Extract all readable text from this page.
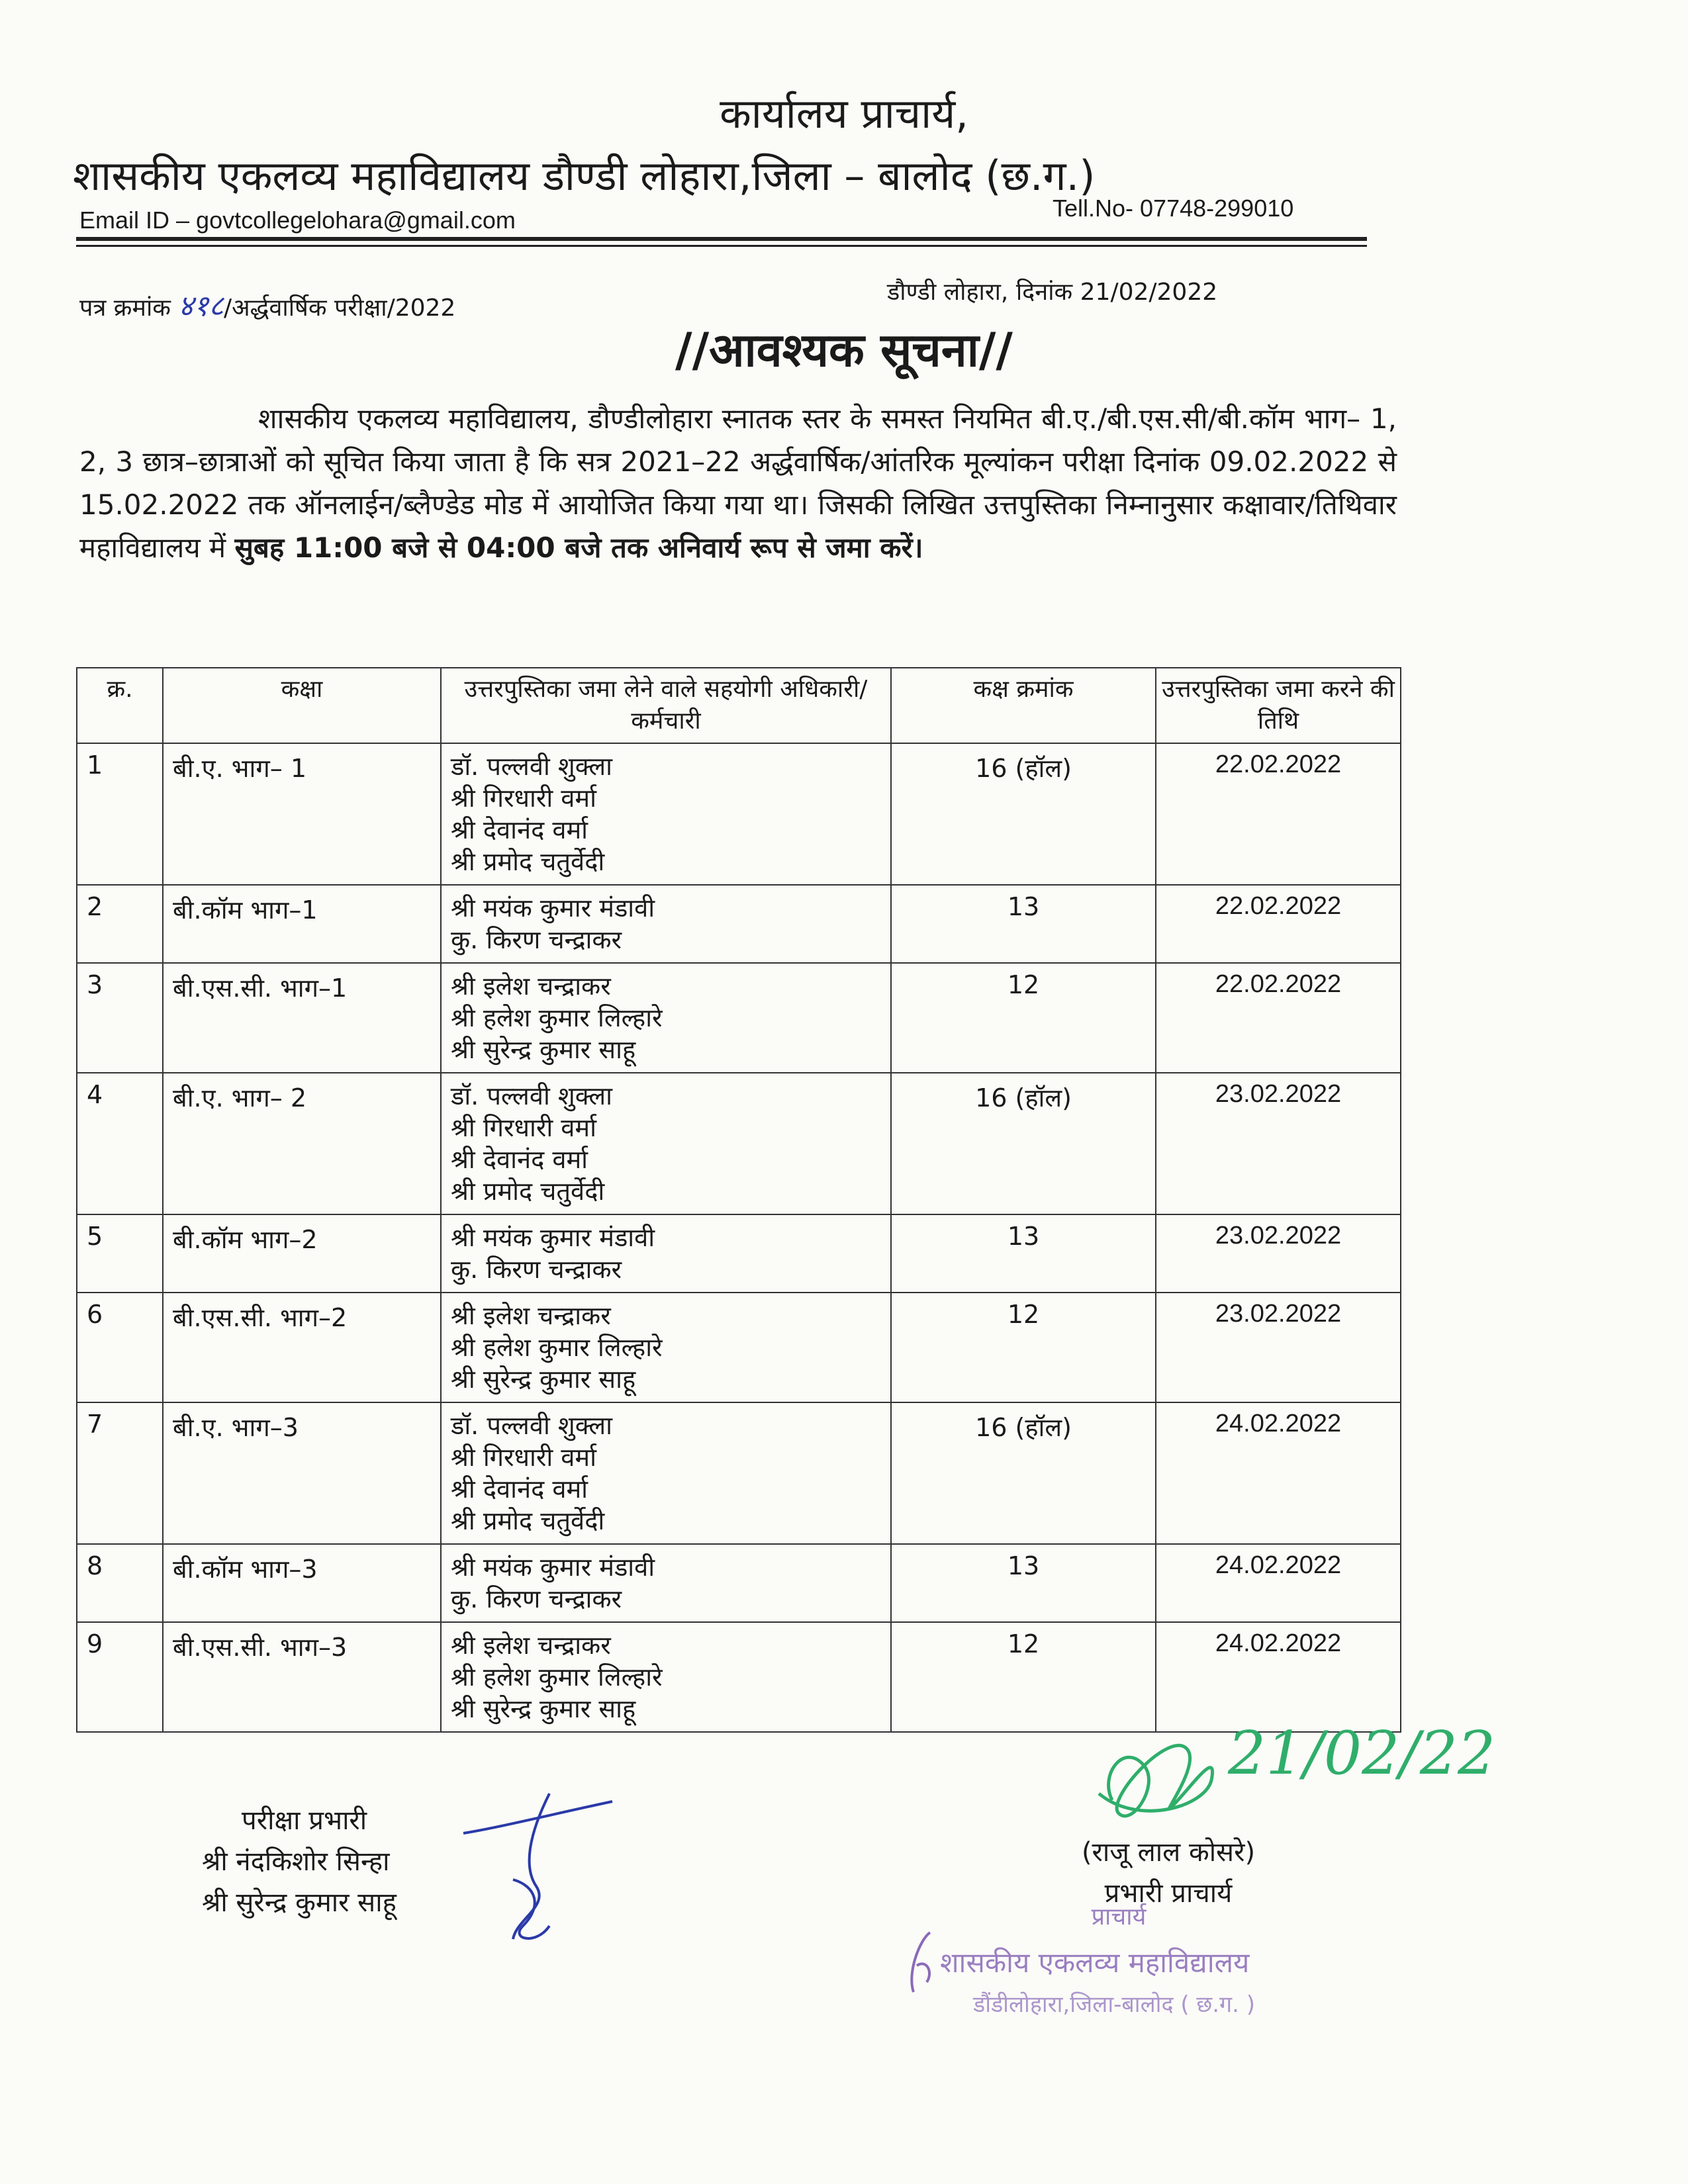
कार्यालय प्राचार्य,
शासकीय एकलव्य महाविद्यालय डौण्डी लोहारा,जिला – बालोद (छ.ग.)
Email ID – govtcollegelohara@gmail.com	Tell.No- 07748-299010
पत्र क्रमांक ४१८/अर्द्धवार्षिक परीक्षा/2022
डौण्डी लोहारा, दिनांक 21/02/2022
//आवश्यक सूचना//
शासकीय एकलव्य महाविद्यालय, डौण्डीलोहारा स्नातक स्तर के समस्त नियमित बी.ए./बी.एस.सी/बी.कॉम भाग– 1, 2, 3 छात्र–छात्राओं को सूचित किया जाता है कि सत्र 2021–22 अर्द्धवार्षिक/आंतरिक मूल्यांकन परीक्षा दिनांक 09.02.2022 से 15.02.2022 तक ऑनलाईन/ब्लैण्डेड मोड में आयोजित किया गया था। जिसकी लिखित उत्तपुस्तिका निम्नानुसार कक्षावार/तिथिवार महाविद्यालय में सुबह 11:00 बजे से 04:00 बजे तक अनिवार्य रूप से जमा करें।
क्र.	कक्षा	उत्तरपुस्तिका जमा लेने वाले सहयोगी अधिकारी/कर्मचारी	कक्ष क्रमांक	उत्तरपुस्तिका जमा करने की तिथि
1	बी.ए. भाग– 1	डॉ. पल्लवी शुक्ला
श्री गिरधारी वर्मा
श्री देवानंद वर्मा
श्री प्रमोद चतुर्वेदी	16 (हॉल)	22.02.2022
2	बी.कॉम भाग–1	श्री मयंक कुमार मंडावी
कु. किरण चन्द्राकर	13	22.02.2022
3	बी.एस.सी. भाग–1	श्री इलेश चन्द्राकर
श्री हलेश कुमार लिल्हारे
श्री सुरेन्द्र कुमार साहू	12	22.02.2022
4	बी.ए. भाग– 2	डॉ. पल्लवी शुक्ला
श्री गिरधारी वर्मा
श्री देवानंद वर्मा
श्री प्रमोद चतुर्वेदी	16 (हॉल)	23.02.2022
5	बी.कॉम भाग–2	श्री मयंक कुमार मंडावी
कु. किरण चन्द्राकर	13	23.02.2022
6	बी.एस.सी. भाग–2	श्री इलेश चन्द्राकर
श्री हलेश कुमार लिल्हारे
श्री सुरेन्द्र कुमार साहू	12	23.02.2022
7	बी.ए. भाग–3	डॉ. पल्लवी शुक्ला
श्री गिरधारी वर्मा
श्री देवानंद वर्मा
श्री प्रमोद चतुर्वेदी	16 (हॉल)	24.02.2022
8	बी.कॉम भाग–3	श्री मयंक कुमार मंडावी
कु. किरण चन्द्राकर	13	24.02.2022
9	बी.एस.सी. भाग–3	श्री इलेश चन्द्राकर
श्री हलेश कुमार लिल्हारे
श्री सुरेन्द्र कुमार साहू	12	24.02.2022
परीक्षा प्रभारी
श्री नंदकिशोर सिन्हा
श्री सुरेन्द्र कुमार साहू
21/02/22
(राजू लाल कोसरे)
प्रभारी प्राचार्य
प्राचार्य
शासकीय एकलव्य महाविद्यालय
डौंडीलोहारा,जिला-बालोद ( छ.ग. )
